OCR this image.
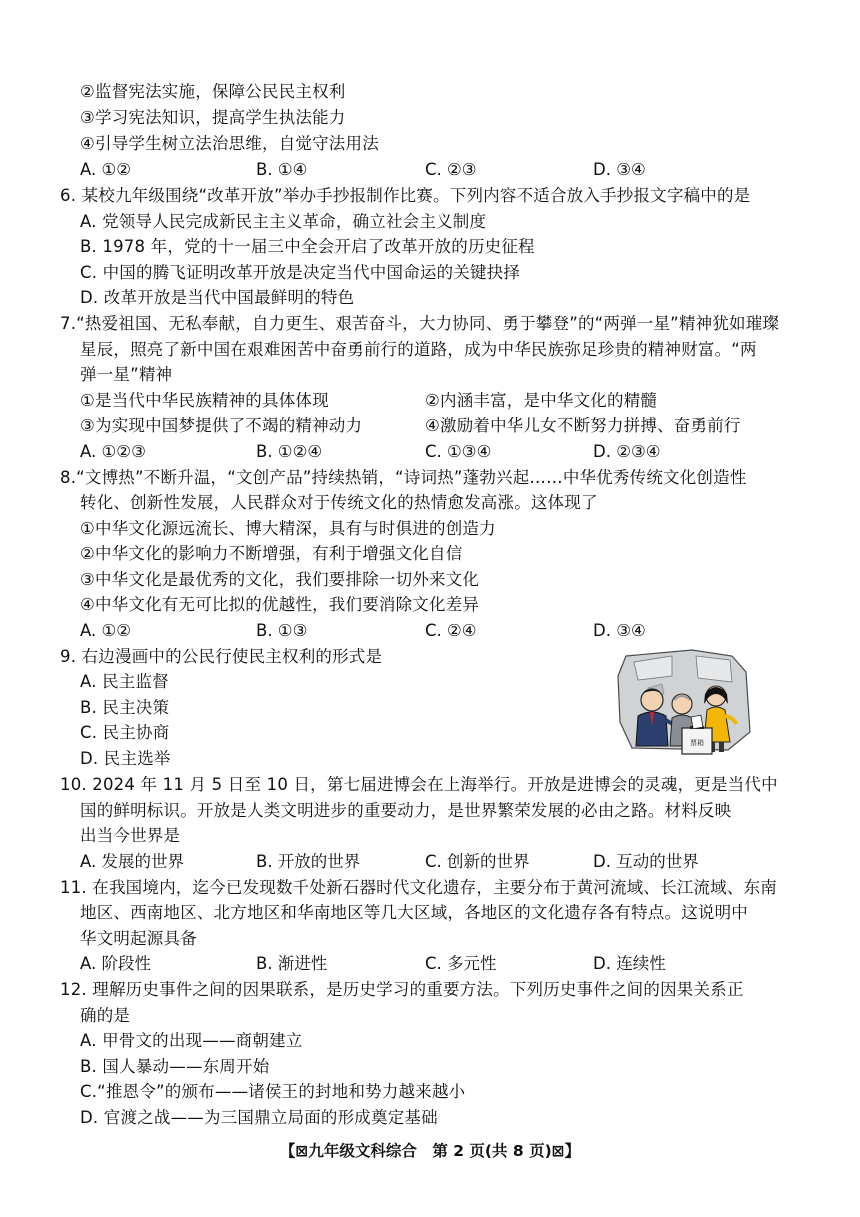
②监督宪法实施，保障公民民主权利
③学习宪法知识，提高学生执法能力
④引导学生树立法治思维，自觉守法用法
A. ①②	B. ①④	C. ②③	D. ③④
6. 某校九年级围绕“改革开放”举办手抄报制作比赛。下列内容不适合放入手抄报文字稿中的是
A. 党领导人民完成新民主主义革命，确立社会主义制度
B. 1978 年，党的十一届三中全会开启了改革开放的历史征程
C. 中国的腾飞证明改革开放是决定当代中国命运的关键抉择
D. 改革开放是当代中国最鲜明的特色
7.“热爱祖国、无私奉献，自力更生、艰苦奋斗，大力协同、勇于攀登”的“两弹一星”精神犹如璀璨
星辰，照亮了新中国在艰难困苦中奋勇前行的道路，成为中华民族弥足珍贵的精神财富。“两
弹一星”精神
①是当代中华民族精神的具体体现	②内涵丰富，是中华文化的精髓
③为实现中国梦提供了不竭的精神动力	④激励着中华儿女不断努力拼搏、奋勇前行
A. ①②③	B. ①②④	C. ①③④	D. ②③④
8.“文博热”不断升温，“文创产品”持续热销，“诗词热”蓬勃兴起……中华优秀传统文化创造性
转化、创新性发展，人民群众对于传统文化的热情愈发高涨。这体现了
①中华文化源远流长、博大精深，具有与时俱进的创造力
②中华文化的影响力不断增强，有利于增强文化自信
③中华文化是最优秀的文化，我们要排除一切外来文化
④中华文化有无可比拟的优越性，我们要消除文化差异
A. ①②	B. ①③	C. ②④	D. ③④
9. 右边漫画中的公民行使民主权利的形式是
A. 民主监督
B. 民主决策
C. 民主协商
D. 民主选举
票箱
10. 2024 年 11 月 5 日至 10 日，第七届进博会在上海举行。开放是进博会的灵魂，更是当代中
国的鲜明标识。开放是人类文明进步的重要动力，是世界繁荣发展的必由之路。材料反映
出当今世界是
A. 发展的世界	B. 开放的世界	C. 创新的世界	D. 互动的世界
11. 在我国境内，迄今已发现数千处新石器时代文化遗存，主要分布于黄河流域、长江流域、东南
地区、西南地区、北方地区和华南地区等几大区域，各地区的文化遗存各有特点。这说明中
华文明起源具备
A. 阶段性	B. 渐进性	C. 多元性	D. 连续性
12. 理解历史事件之间的因果联系，是历史学习的重要方法。下列历史事件之间的因果关系正
确的是
A. 甲骨文的出现——商朝建立
B. 国人暴动——东周开始
C.“推恩令”的颁布——诸侯王的封地和势力越来越小
D. 官渡之战——为三国鼎立局面的形成奠定基础
【⊠九年级文科综合　第 2 页(共 8 页)⊠】
